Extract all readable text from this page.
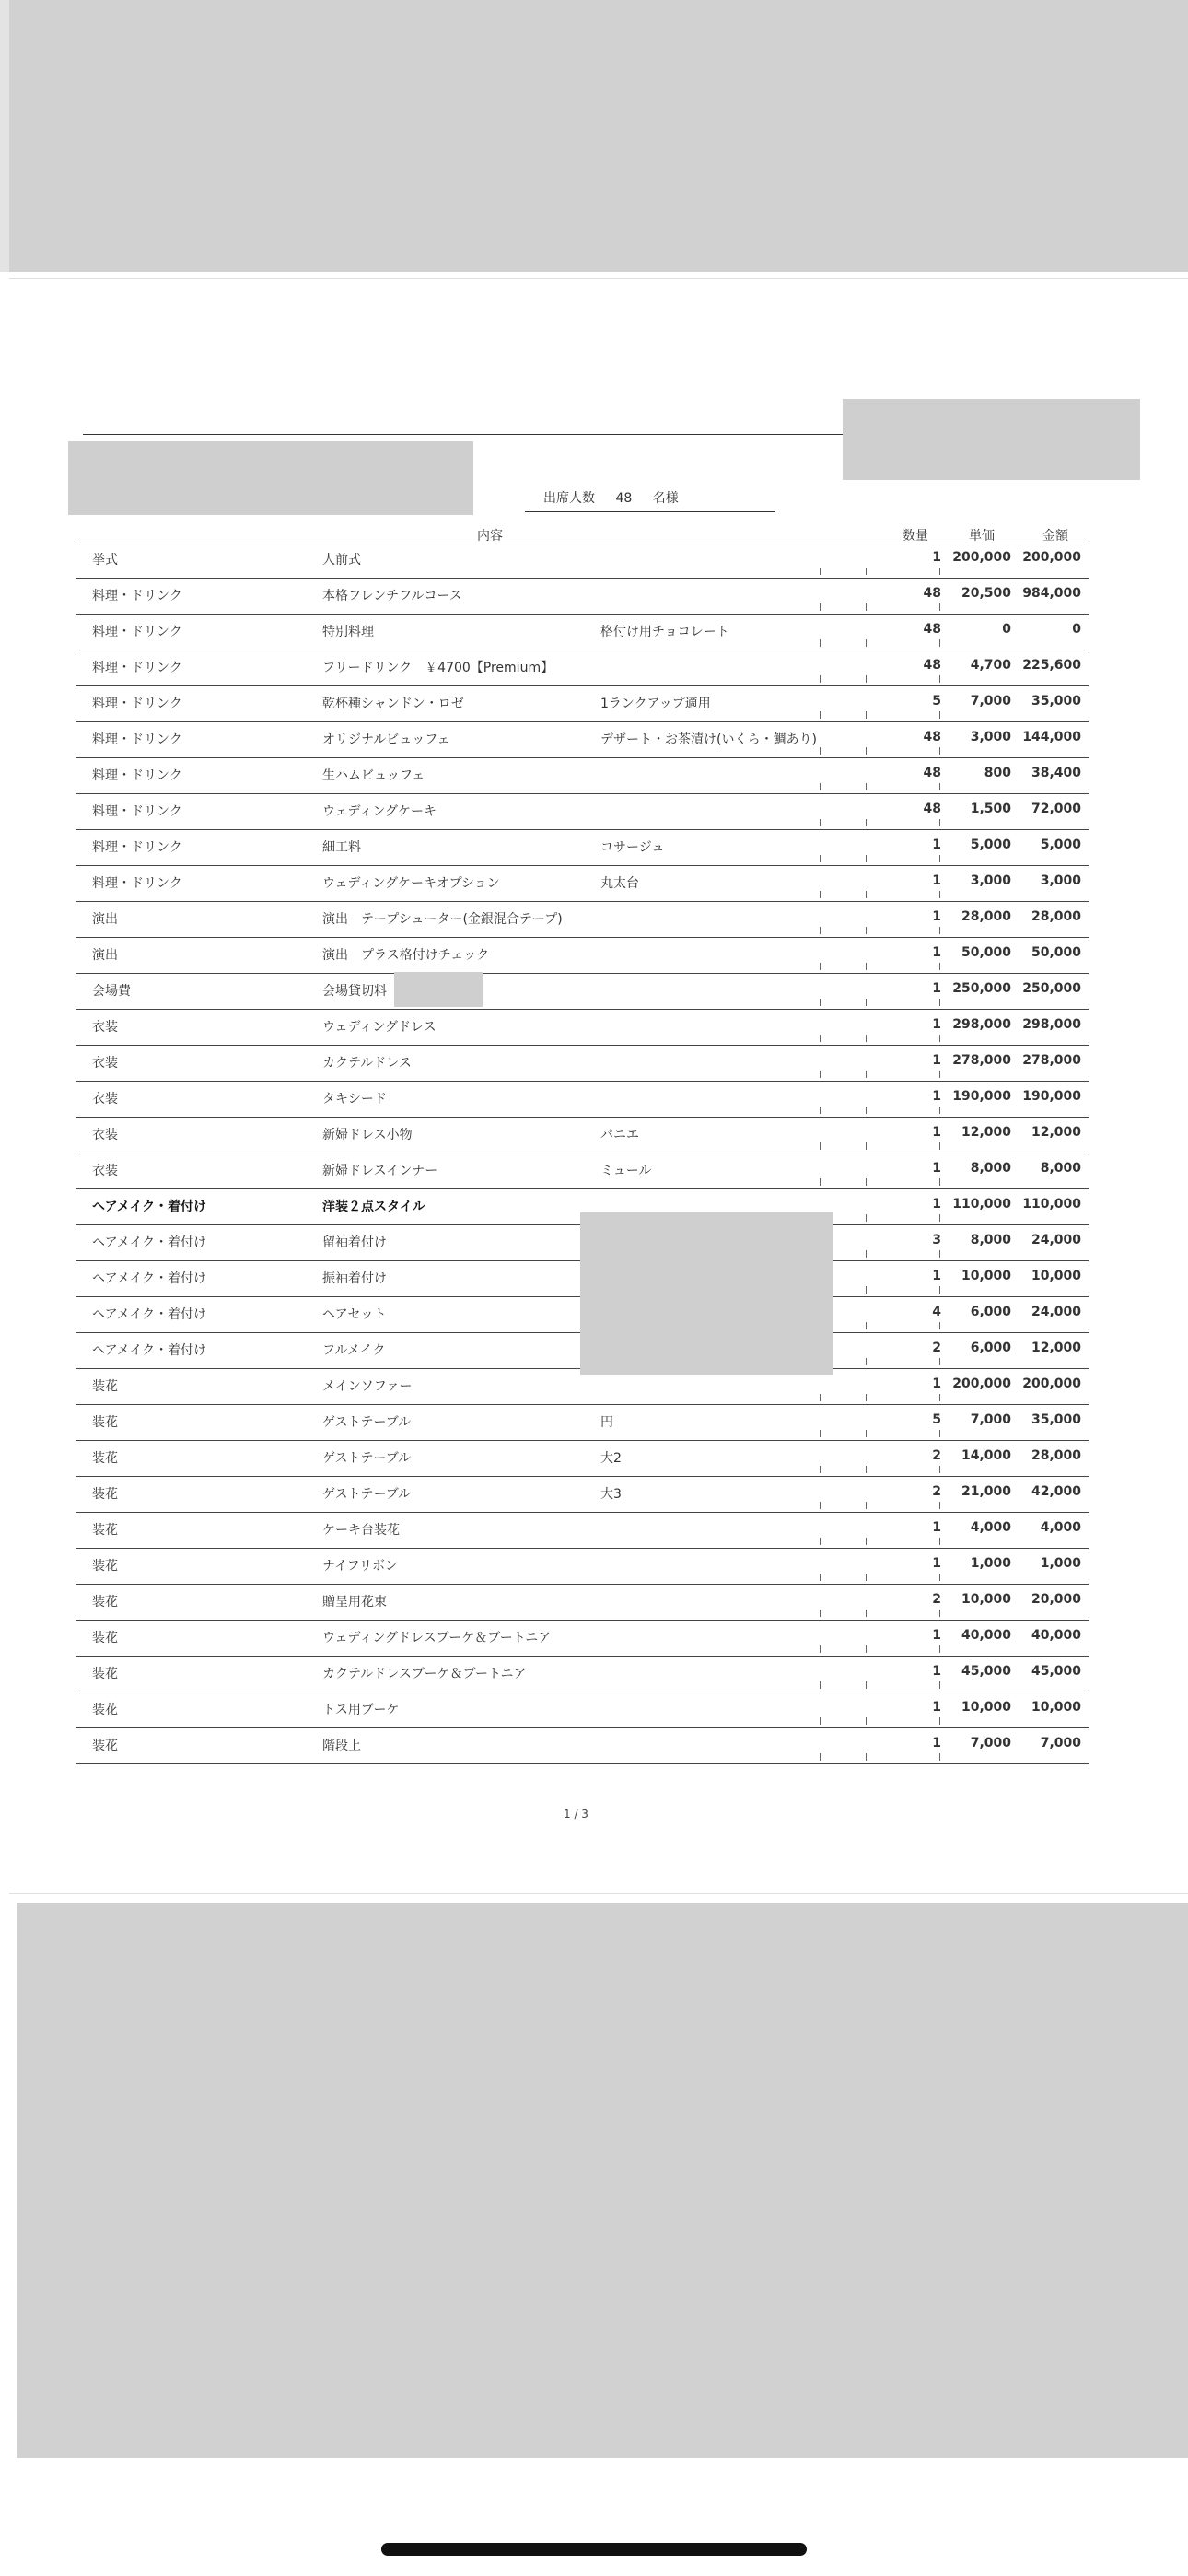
出席人数 48 名様
内容	数量	単価	金額
挙式	人前式	1 200,000 200,000
料理・ドリンク	本格フレンチフルコース	48	20,500 984,000
料理・ドリンク	特別料理	格付け用チョコレート	48	0	0
料理・ドリンク	フリードリンク　￥4700【Premium】	48	4,700 225,600
料理・ドリンク	乾杯種シャンドン・ロゼ	1ランクアップ適用	5	7,000	35,000
料理・ドリンク	オリジナルビュッフェ	デザート・お茶漬け(いくら・鯛あり)	48	3,000 144,000
料理・ドリンク	生ハムビュッフェ	48	800	38,400
料理・ドリンク	ウェディングケーキ	48	1,500	72,000
料理・ドリンク	細工料	コサージュ	1	5,000	5,000
料理・ドリンク	ウェディングケーキオプション	丸太台	1	3,000	3,000
演出	演出　テープシューター(金銀混合テープ)	1	28,000	28,000
演出	演出　プラス格付けチェック	1	50,000	50,000
会場費	会場貸切料	1 250,000 250,000
衣装	ウェディングドレス	1 298,000 298,000
衣装	カクテルドレス	1 278,000 278,000
衣装	タキシード	1 190,000 190,000
衣装	新婦ドレス小物	パニエ	1	12,000	12,000
衣装	新婦ドレスインナー	ミュール	1	8,000	8,000
ヘアメイク・着付け	洋装２点スタイル	1 110,000 110,000
ヘアメイク・着付け	留袖着付け	3	8,000	24,000
ヘアメイク・着付け	振袖着付け	1	10,000	10,000
ヘアメイク・着付け	ヘアセット	4	6,000	24,000
ヘアメイク・着付け	フルメイク	2	6,000	12,000
装花	メインソファー	1 200,000 200,000
装花	ゲストテーブル	円	5	7,000	35,000
装花	ゲストテーブル	大2	2	14,000	28,000
装花	ゲストテーブル	大3	2	21,000	42,000
装花	ケーキ台装花	1	4,000	4,000
装花	ナイフリボン	1	1,000	1,000
装花	贈呈用花束	2	10,000	20,000
装花	ウェディングドレスブーケ＆ブートニア	1	40,000	40,000
装花	カクテルドレスブーケ＆ブートニア	1	45,000	45,000
装花	トス用ブーケ	1	10,000	10,000
装花	階段上	1	7,000	7,000
1 / 3
